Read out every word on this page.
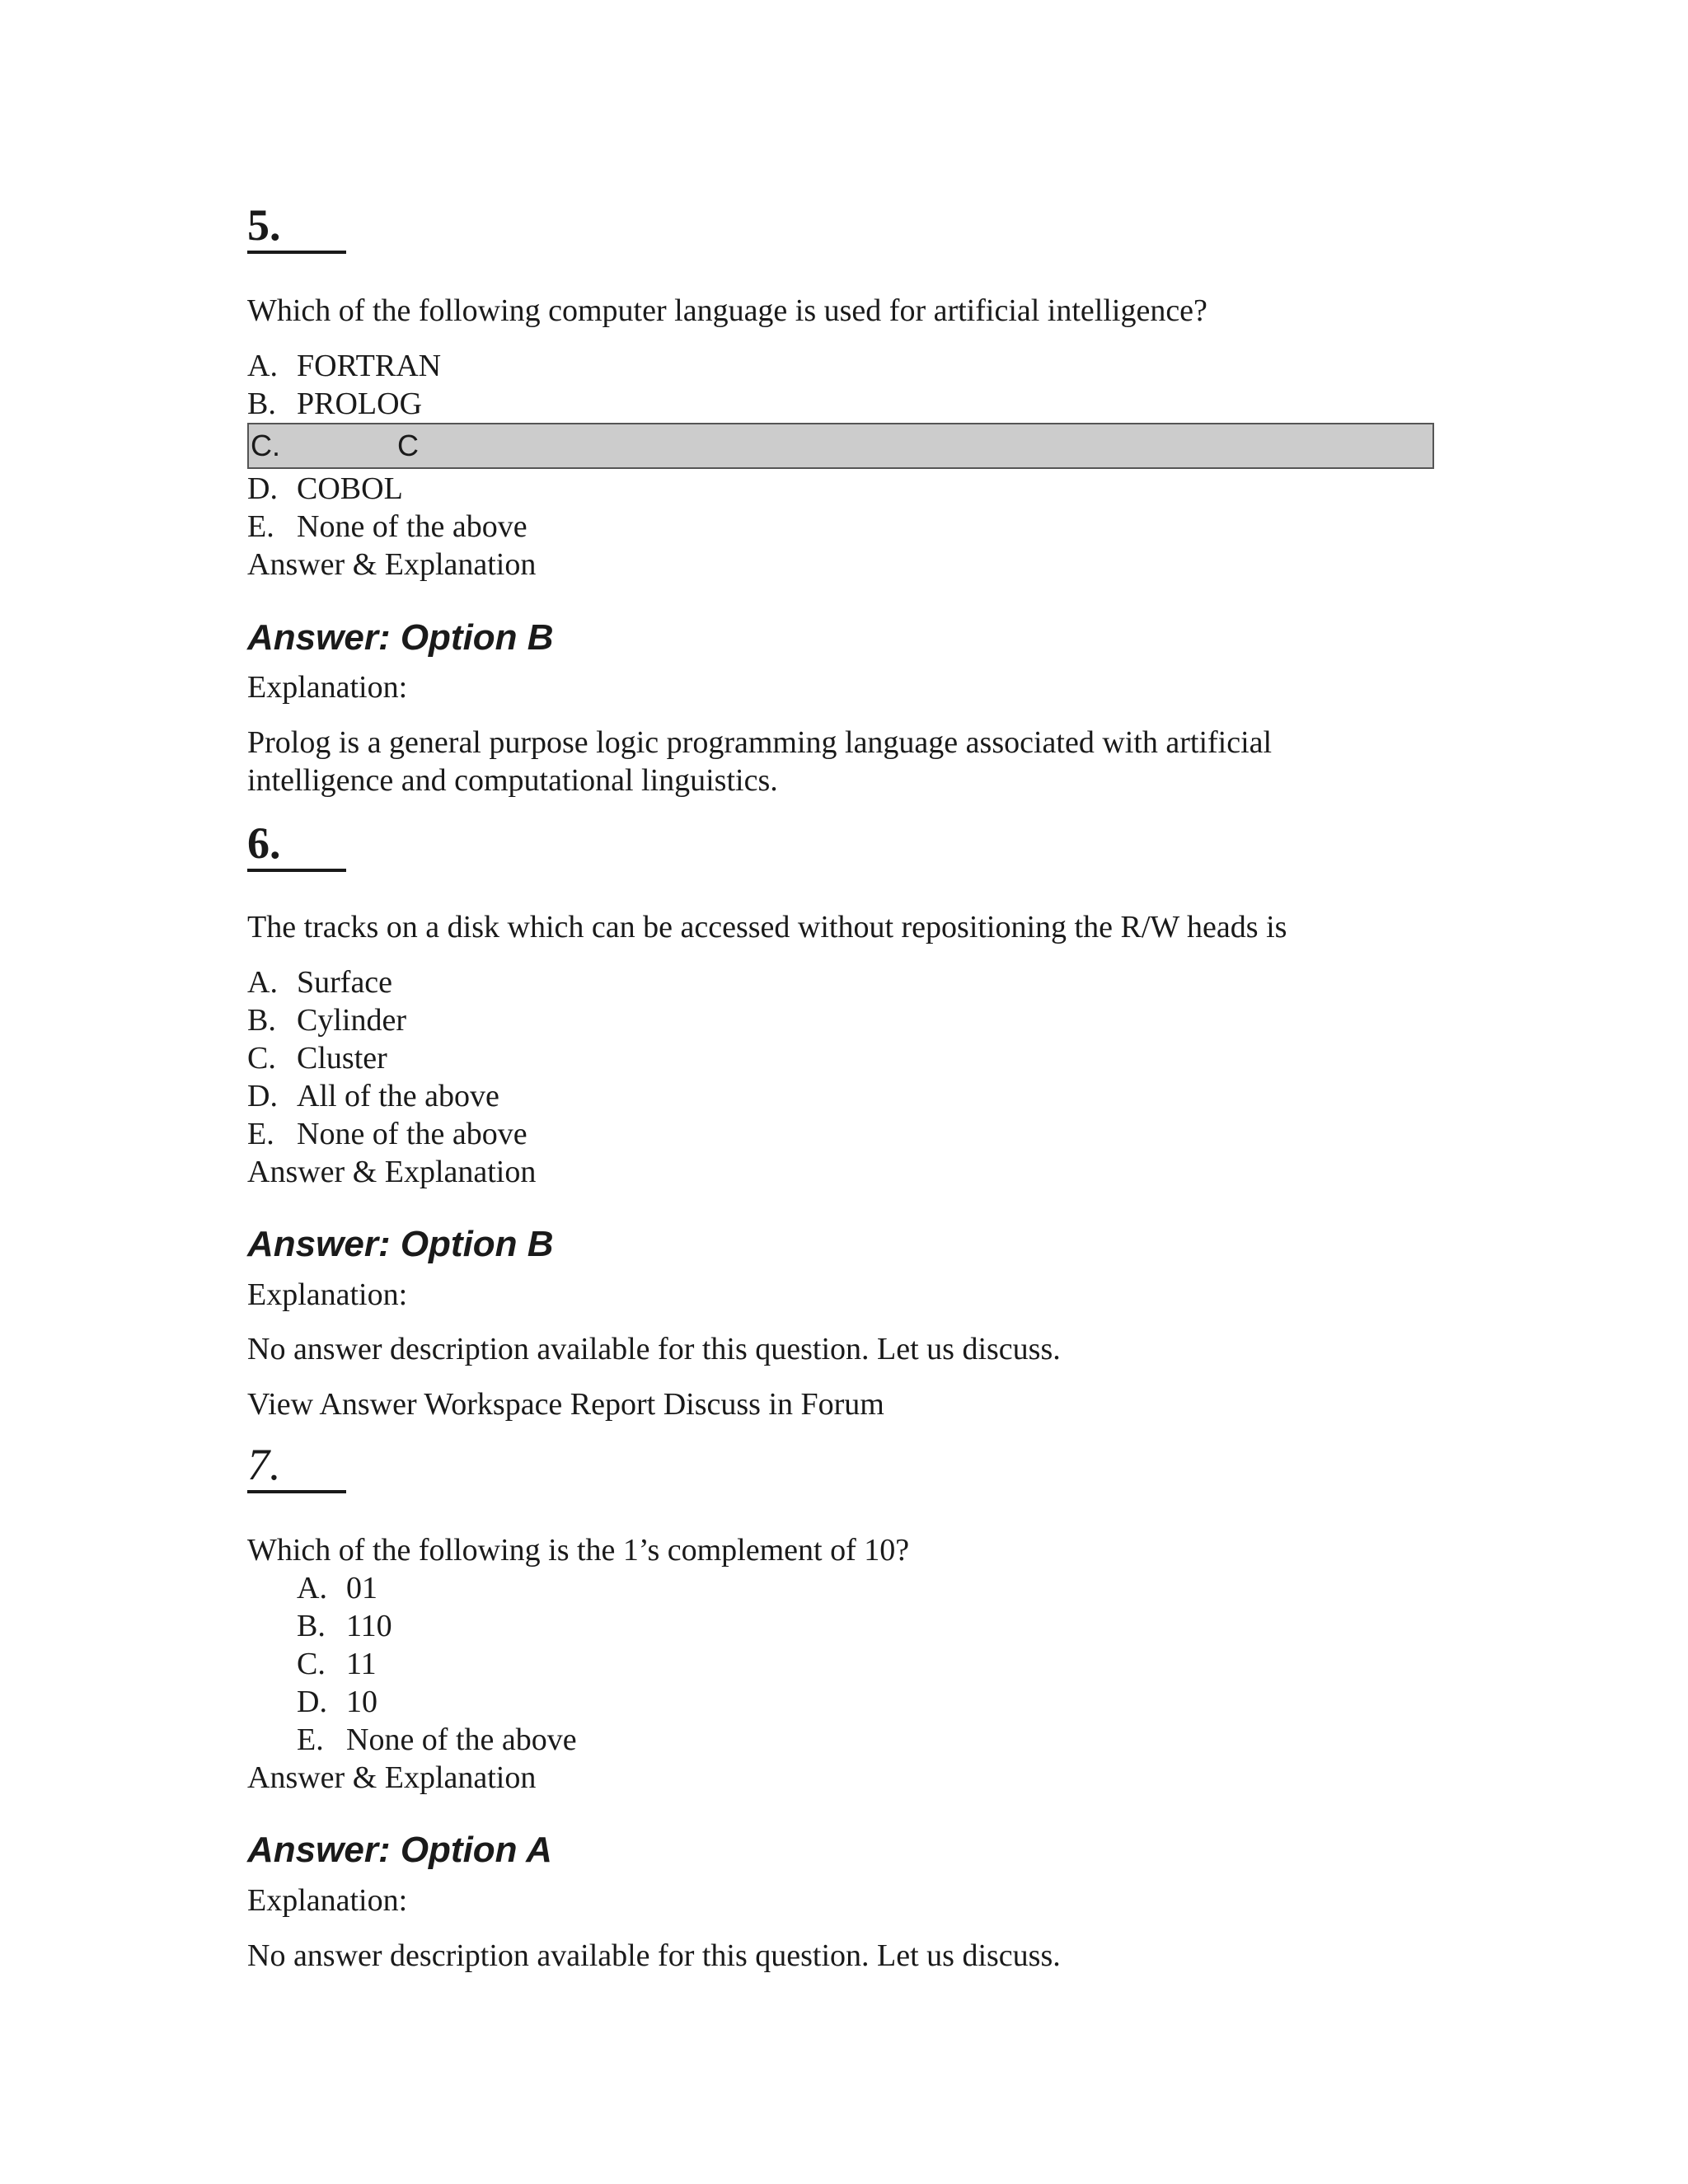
5.
Which of the following computer language is used for artificial intelligence?
A. FORTRAN
B. PROLOG
C.	C
D. COBOL
E. None of the above
Answer & Explanation
Answer: Option B
Explanation:
Prolog is a general purpose logic programming language associated with artificial
intelligence and computational linguistics.
6.
The tracks on a disk which can be accessed without repositioning the R/W heads is
A. Surface
B. Cylinder
C. Cluster
D. All of the above
E. None of the above
Answer & Explanation
Answer: Option B
Explanation:
No answer description available for this question. Let us discuss.
View Answer Workspace Report Discuss in Forum
7.
Which of the following is the 1’s complement of 10?
A. 01
B. 110
C. 11
D. 10
E. None of the above
Answer & Explanation
Answer: Option A
Explanation:
No answer description available for this question. Let us discuss.
